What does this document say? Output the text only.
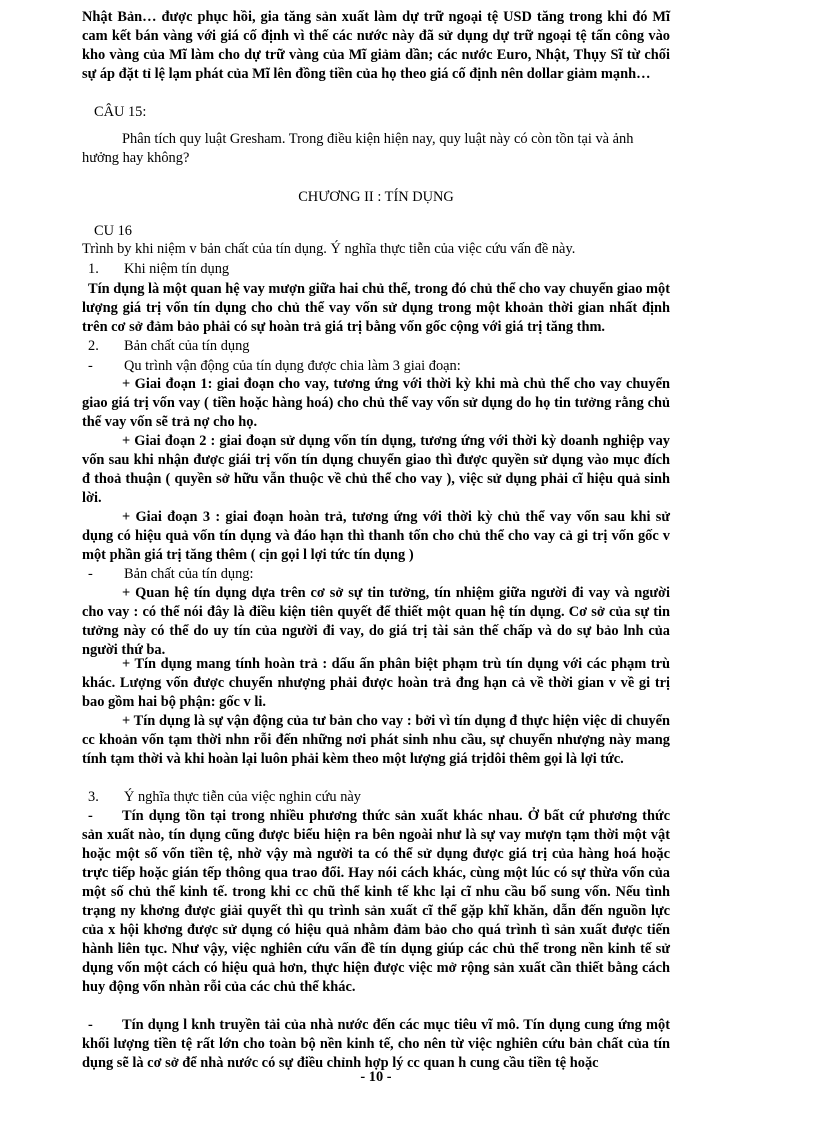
Nhật Bản… được phục hồi, gia tăng sản xuất làm dự trữ ngoại tệ USD tăng trong khi đó Mĩ cam kết bán vàng với giá cố định vì thế các nước này đã sử dụng dự trữ ngoại tệ tấn công vào kho vàng của Mĩ làm cho dự trữ vàng của Mĩ giảm dần; các nước Euro, Nhật, Thụy Sĩ từ chối sự áp đặt tỉ lệ lạm phát của Mĩ lên đồng tiền của họ theo giá cố định nên dollar giảm mạnh…

CÂU 15:

Phân tích quy luật Gresham. Trong điều kiện hiện nay, quy luật này có còn tồn tại và ảnh hưởng hay không?

CHƯƠNG II : TÍN DỤNG
CU 16
Trình by khi niệm v bản chất của tín dụng. Ý nghĩa thực tiễn của việc cứu vấn đề này.
1. Khi niệm tín dụng

Tín dụng là một quan hệ vay mượn giữa hai chủ thể, trong đó chủ thể cho vay chuyển giao một lượng giá trị vốn tín dụng cho chủ thể vay vốn sử dụng trong một khoản thời gian nhất định trên cơ sở đảm bảo phải có sự hoàn trả giá trị bằng vốn gốc cộng với giá trị tăng thm.

2. Bản chất của tín dụng
- Qu trình vận động của tín dụng được chia làm 3 giai đoạn:

+ Giai đoạn 1: giai đoạn cho vay, tương ứng với thời kỳ khi mà chủ thể cho vay chuyển giao giá trị vốn vay ( tiền hoặc hàng hoá) cho chủ thể vay vốn sử dụng do họ tin tưởng rằng chủ thể vay vốn sẽ trả nợ cho họ.

+ Giai đoạn 2 : giai đoạn sử dụng vốn tín dụng, tương ứng với thời kỳ doanh nghiệp vay vốn sau khi nhận được giái trị vốn tín dụng chuyển giao thì được quyền sử dụng vào mục đích đ thoả thuận ( quyền sở hữu vẫn thuộc về chủ thể cho vay ), việc sử dụng phải cĩ hiệu quả sinh lời.

+ Giai đoạn 3 : giai đoạn hoàn trả, tương ứng với thời kỳ chủ thể vay vốn sau khi sử dụng có hiệu quả vốn tín dụng và đáo hạn thì thanh tốn cho chủ thể cho vay cả gi trị vốn gốc v một phần giá trị tăng thêm ( cịn gọi l lợi tức tín dụng )

- Bản chất của tín dụng:

+ Quan hệ tín dụng dựa trên cơ sở sự tin tưởng, tín nhiệm giữa người đi vay và người cho vay : có thể nói đây là điều kiện tiên quyết để thiết một quan hệ tín dụng. Cơ sở của sự tin tưởng này có thể do uy tín của người đi vay, do giá trị tài sản thế chấp và do sự bảo lnh của người thứ ba.

+ Tín dụng mang tính hoàn trả : dấu ấn phân biệt phạm trù tín dụng với các phạm trù khác. Lượng vốn được chuyển nhượng phải được hoàn trả đng hạn cả về thời gian v về gi trị bao gồm hai bộ phận: gốc v li.

+ Tín dụng là sự vận động của tư bản cho vay : bởi vì tín dụng đ thực hiện việc di chuyển cc khoản vốn tạm thời nhn rỗi đến những nơi phát sinh nhu cầu, sự chuyển nhượng này mang tính tạm thời và khi hoàn lại luôn phải kèm theo một lượng giá trịdôi thêm gọi là lợi tức.

3. Ý nghĩa thực tiễn của việc nghin cứu này
-	Tín dụng tồn tại trong nhiều phương thức sản xuất khác nhau. Ở bất cứ phương thức sản xuất nào, tín dụng cũng được biểu hiện ra bên ngoài như là sự vay mượn tạm thời một vật hoặc một số vốn tiền tệ, nhờ vậy mà người ta có thể sử dụng được giá trị của hàng hoá hoặc trực tiếp hoặc gián tếp thông qua trao đổi. Hay nói cách khác, cùng một lúc có sự thừa vốn của một số chủ thể kinh tế. trong khi cc chũ thể kinh tế khc lại cĩ nhu cầu bổ sung vốn. Nếu tình trạng ny khơng được giải quyết thì qu trình sản xuất cĩ thể gặp khĩ khăn, dẫn đến nguồn lực của x hội khơng được sử dụng có hiệu quả nhằm đảm bảo cho quá trình tì sản xuất được tiến hành liên tục. Như vậy, việc nghiên cứu vấn đề tín dụng giúp các chủ thể trong nền kinh tế sử dụng vốn một cách có hiệu quả hơn, thực hiện được việc mở rộng sản xuất cần thiết bằng cách huy động vốn nhàn rỗi của các chủ thể khác.

-	Tín dụng l knh truyền tải của nhà nước đến các mục tiêu vĩ mô. Tín dụng cung ứng một khối lượng tiền tệ rất lớn cho toàn bộ nền kinh tế, cho nên từ việc nghiên cứu bản chất của tín dụng sẽ là cơ sở để nhà nước có sự điều chỉnh hợp lý cc quan h cung cầu tiền tệ hoặc

- 10 -
